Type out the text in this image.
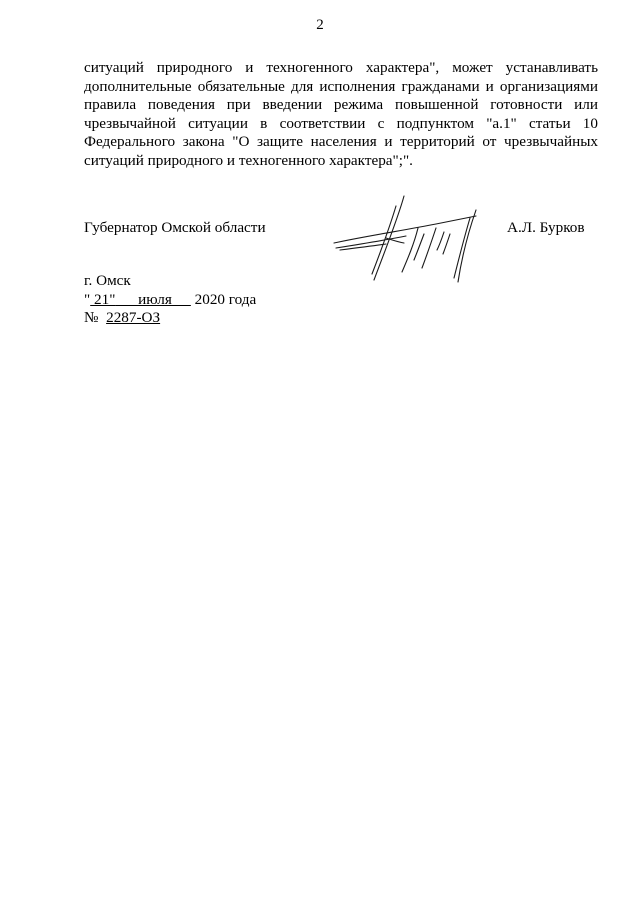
2
ситуаций природного и техногенного характера", может устанавливать
дополнительные обязательные для исполнения гражданами и организациями
правила поведения при введении режима повышенной готовности или
чрезвычайной ситуации в соответствии с подпунктом "а.1" статьи 10
Федерального закона "О защите населения и территорий от чрезвычайных
ситуаций природного и техногенного характера";".
Губернатор Омской области	А.Л. Бурков
г. Омск
" 21"      июля      2020 года
№  2287-ОЗ
